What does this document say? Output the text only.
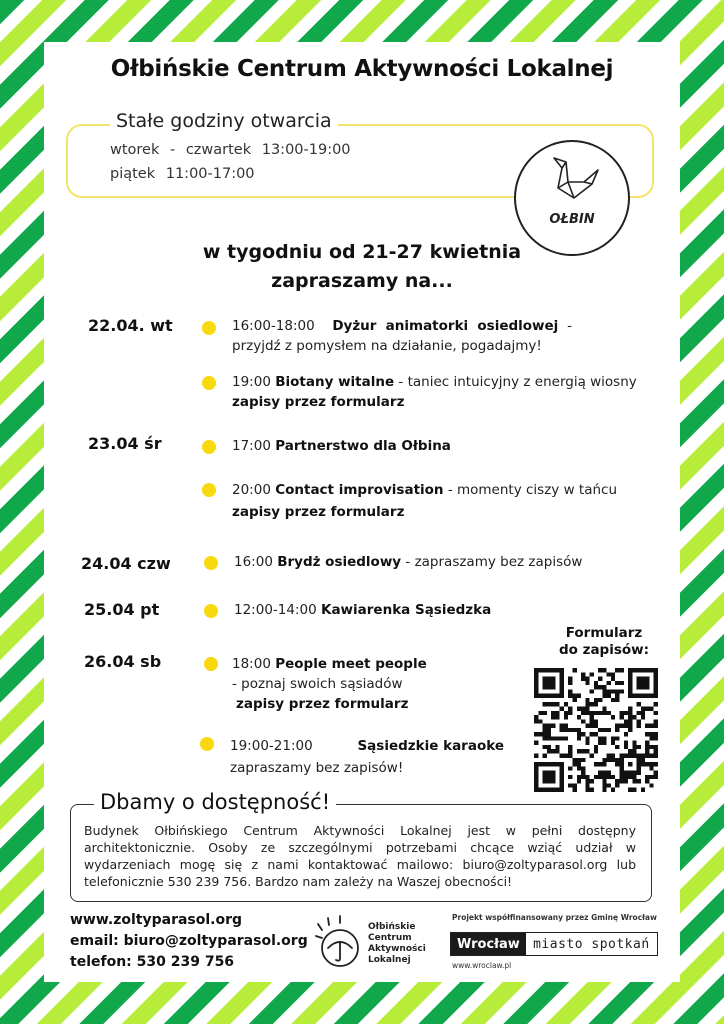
Ołbińskie Centrum Aktywności Lokalnej
Stałe godziny otwarcia
wtorek - czwartek 13:00-19:00
piątek 11:00-17:00
OŁBIN
w tygodniu od 21-27 kwietnia
zapraszamy na...
22.04. wt	16:00-18:00 Dyżur animatorki osiedlowej -
przyjdź z pomysłem na działanie, pogadajmy!
19:00 Biotany witalne - taniec intuicyjny z energią wiosny
zapisy przez formularz
23.04 śr	17:00 Partnerstwo dla Ołbina
20:00 Contact improvisation - momenty ciszy w tańcu
zapisy przez formularz
24.04 czw	16:00 Brydż osiedlowy - zapraszamy bez zapisów
25.04 pt	12:00-14:00 Kawiarenka Sąsiedzka
26.04 sb	18:00 People meet people
- poznaj swoich sąsiadów
zapisy przez formularz
19:00-21:00	Sąsiedzkie karaoke
zapraszamy bez zapisów!
Formularz
do zapisów:
Dbamy o dostępność!
Budynek Ołbińskiego Centrum Aktywności Lokalnej jest w pełni dostępny architektonicznie. Osoby ze szczególnymi potrzebami chcące wziąć udział w wydarzeniach mogę się z nami kontaktować mailowo: biuro@zoltyparasol.org lub telefonicznie 530 239 756. Bardzo nam zależy na Waszej obecności!
www.zoltyparasol.org
email: biuro@zoltyparasol.org
telefon: 530 239 756
Ołbińskie
Centrum
Aktywności
Lokalnej
Projekt współfinansowany przez Gminę Wrocław
Wrocław	miasto spotkań
www.wroclaw.pl
